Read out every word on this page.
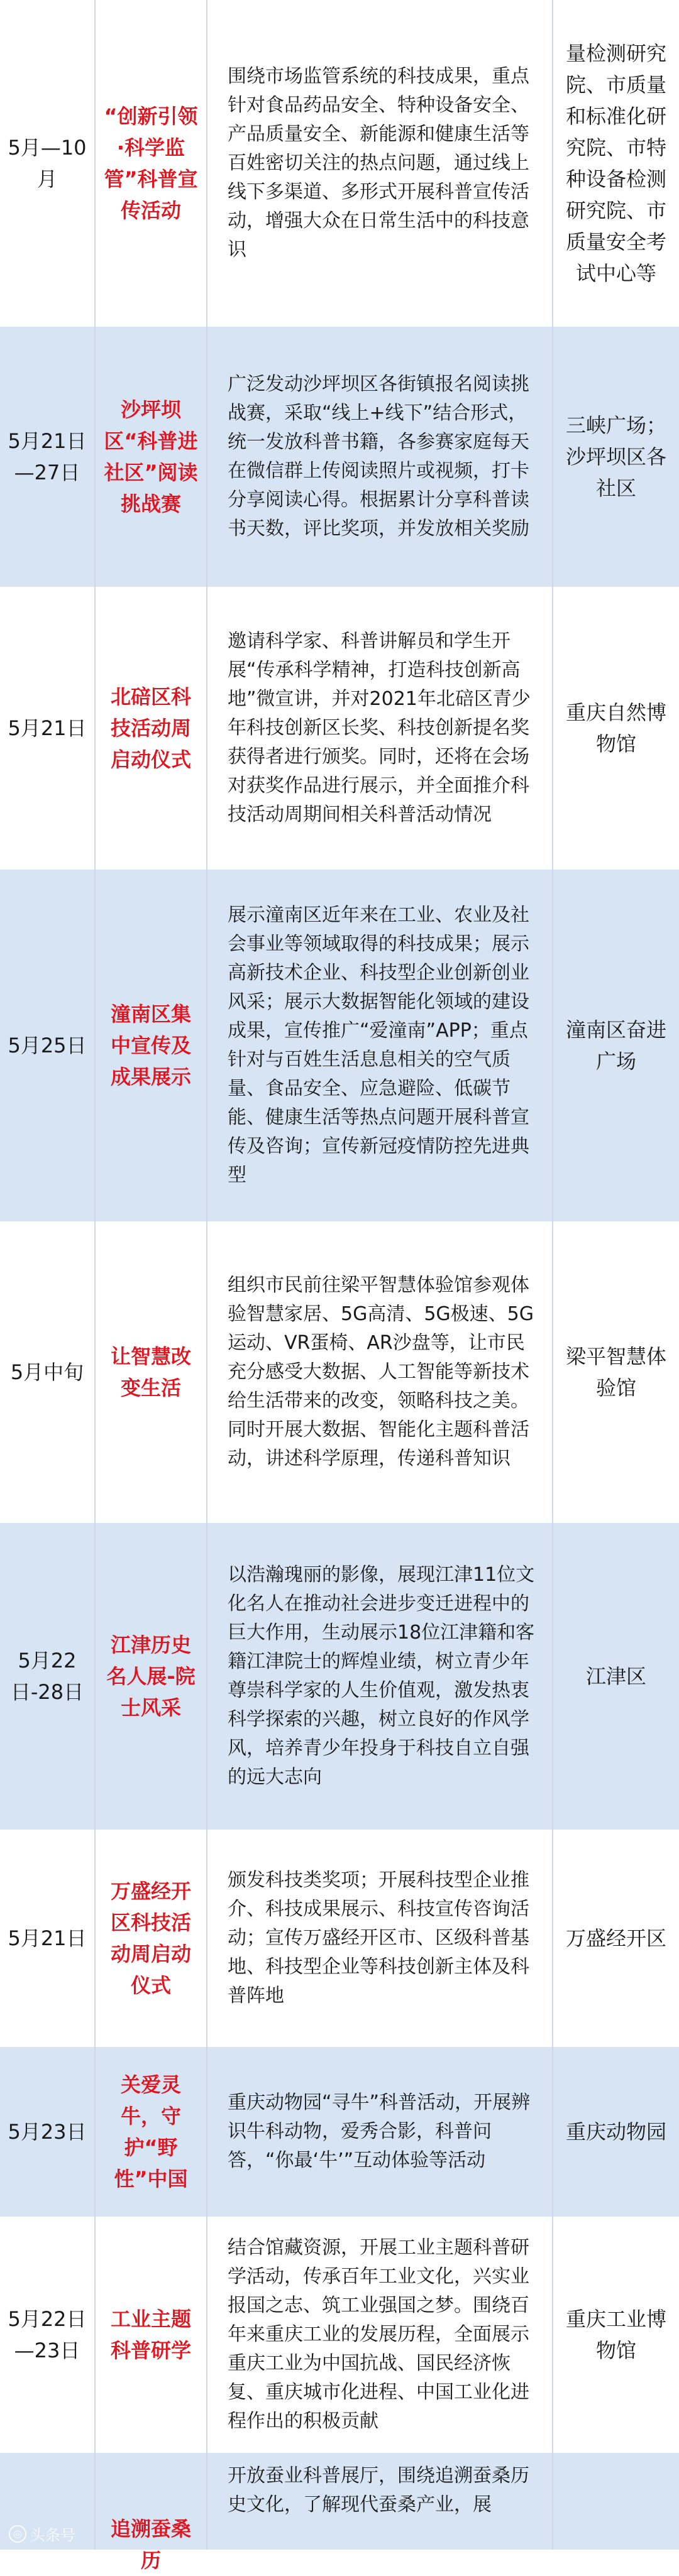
5月—10月
“创新引领·科学监管”科普宣传活动
围绕市场监管系统的科技成果，重点针对食品药品安全、特种设备安全、产品质量安全、新能源和健康生活等百姓密切关注的热点问题，通过线上线下多渠道、多形式开展科普宣传活动，增强大众在日常生活中的科技意识
量检测研究院、市质量和标准化研究院、市特种设备检测研究院、市质量安全考试中心等
5月21日—27日
沙坪坝区“科普进社区”阅读挑战赛
广泛发动沙坪坝区各街镇报名阅读挑战赛，采取“线上+线下”结合形式，统一发放科普书籍，各参赛家庭每天在微信群上传阅读照片或视频，打卡分享阅读心得。根据累计分享科普读书天数，评比奖项，并发放相关奖励
三峡广场；沙坪坝区各社区
5月21日
北碚区科技活动周启动仪式
邀请科学家、科普讲解员和学生开展“传承科学精神，打造科技创新高地”微宣讲，并对2021年北碚区青少年科技创新区长奖、科技创新提名奖获得者进行颁奖。同时，还将在会场对获奖作品进行展示，并全面推介科技活动周期间相关科普活动情况
重庆自然博物馆
5月25日
潼南区集中宣传及成果展示
展示潼南区近年来在工业、农业及社会事业等领域取得的科技成果；展示高新技术企业、科技型企业创新创业风采；展示大数据智能化领域的建设成果，宣传推广“爱潼南”APP；重点针对与百姓生活息息相关的空气质量、食品安全、应急避险、低碳节能、健康生活等热点问题开展科普宣传及咨询；宣传新冠疫情防控先进典型
潼南区奋进广场
5月中旬
让智慧改变生活
组织市民前往梁平智慧体验馆参观体验智慧家居、5G高清、5G极速、5G运动、VR蛋椅、AR沙盘等，让市民充分感受大数据、人工智能等新技术给生活带来的改变，领略科技之美。同时开展大数据、智能化主题科普活动，讲述科学原理，传递科普知识
梁平智慧体验馆
5月22日-28日
江津历史名人展-院士风采
以浩瀚瑰丽的影像，展现江津11位文化名人在推动社会进步变迁进程中的巨大作用，生动展示18位江津籍和客籍江津院士的辉煌业绩，树立青少年尊崇科学家的人生价值观，激发热衷科学探索的兴趣，树立良好的作风学风，培养青少年投身于科技自立自强的远大志向
江津区
5月21日
万盛经开区科技活动周启动仪式
颁发科技类奖项；开展科技型企业推介、科技成果展示、科技宣传咨询活动；宣传万盛经开区市、区级科普基地、科技型企业等科技创新主体及科普阵地
万盛经开区
5月23日
关爱灵牛，守护“野性”中国
重庆动物园“寻牛”科普活动，开展辨识牛科动物，爱秀合影，科普问答，“你最‘牛’”互动体验等活动
重庆动物园
5月22日—23日
工业主题科普研学
结合馆藏资源，开展工业主题科普研学活动，传承百年工业文化，兴实业报国之志、筑工业强国之梦。围绕百年来重庆工业的发展历程，全面展示重庆工业为中国抗战、国民经济恢复、重庆城市化进程、中国工业化进程作出的积极贡献
重庆工业博物馆
追溯蚕桑历
开放蚕业科普展厅，围绕追溯蚕桑历史文化，了解现代蚕桑产业，展
◎ 头条号
